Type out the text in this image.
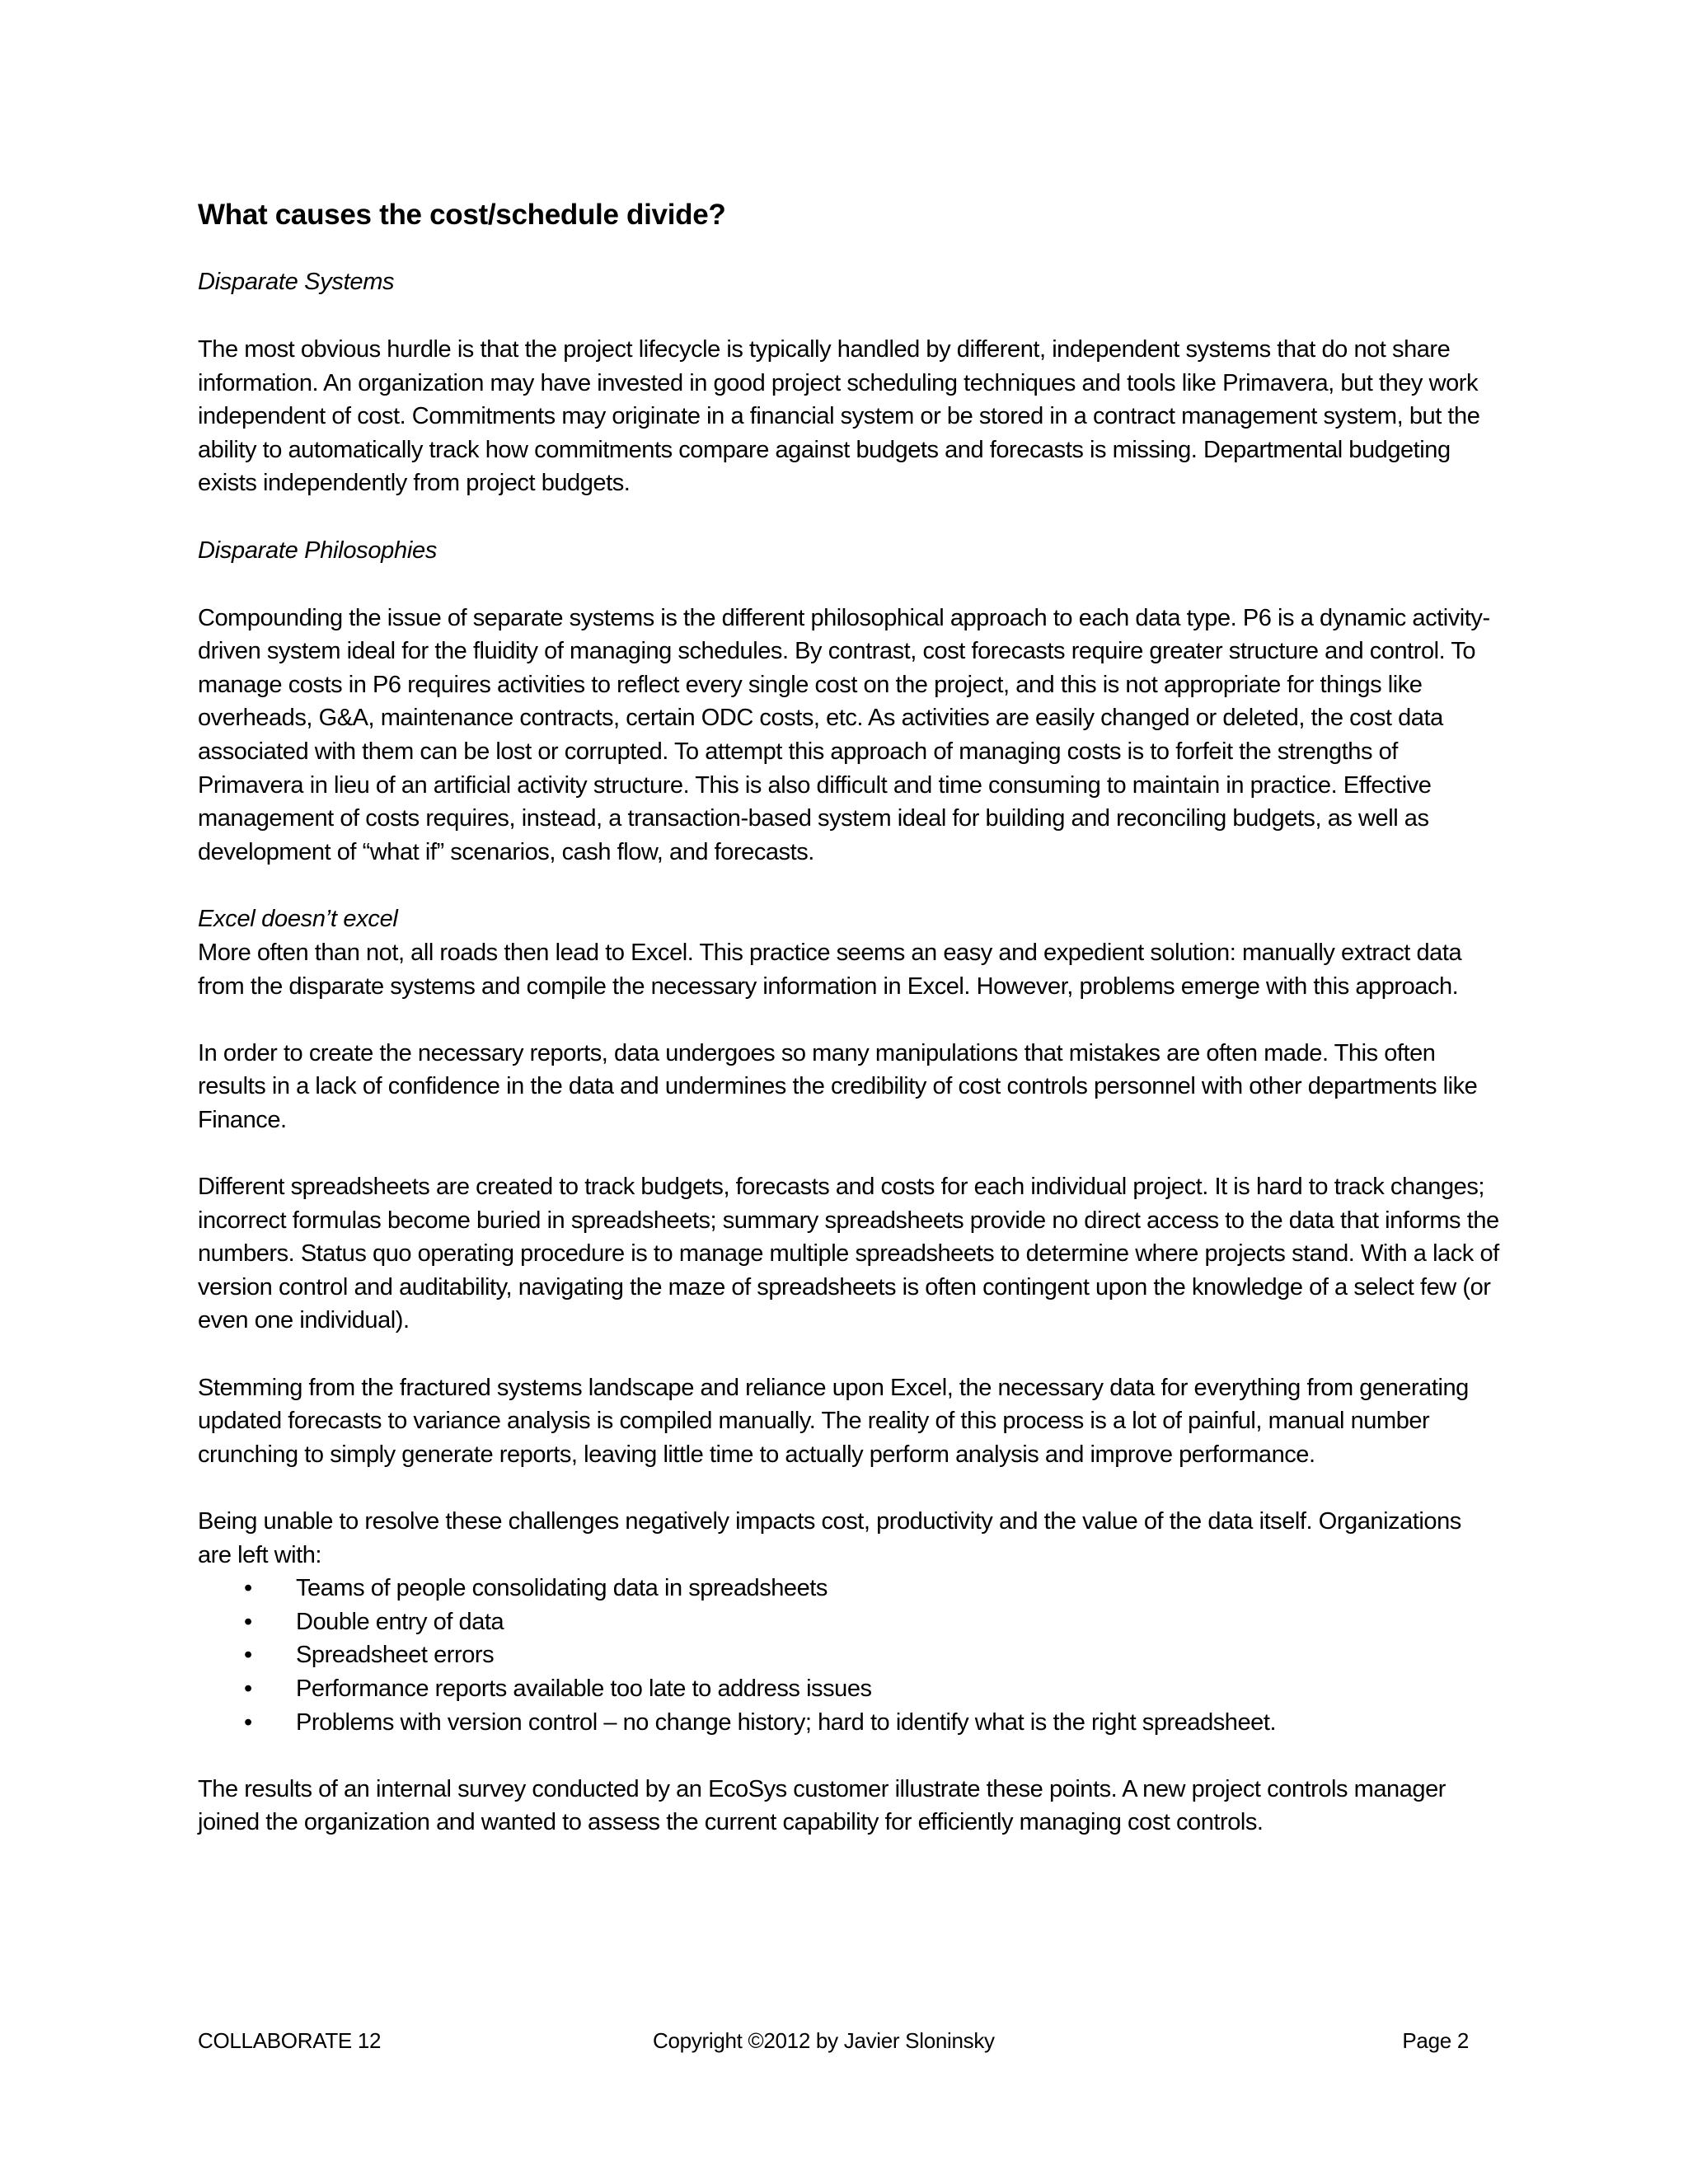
What causes the cost/schedule divide?
Disparate Systems

The most obvious hurdle is that the project lifecycle is typically handled by different, independent systems that do not share information. An organization may have invested in good project scheduling techniques and tools like Primavera, but they work independent of cost. Commitments may originate in a financial system or be stored in a contract management system, but the ability to automatically track how commitments compare against budgets and forecasts is missing. Departmental budgeting exists independently from project budgets.

Disparate Philosophies

Compounding the issue of separate systems is the different philosophical approach to each data type. P6 is a dynamic activity-driven system ideal for the fluidity of managing schedules. By contrast, cost forecasts require greater structure and control. To manage costs in P6 requires activities to reflect every single cost on the project, and this is not appropriate for things like overheads, G&A, maintenance contracts, certain ODC costs, etc. As activities are easily changed or deleted, the cost data associated with them can be lost or corrupted. To attempt this approach of managing costs is to forfeit the strengths of Primavera in lieu of an artificial activity structure. This is also difficult and time consuming to maintain in practice. Effective management of costs requires, instead, a transaction-based system ideal for building and reconciling budgets, as well as development of “what if” scenarios, cash flow, and forecasts.

Excel doesn’t excel

More often than not, all roads then lead to Excel. This practice seems an easy and expedient solution: manually extract data from the disparate systems and compile the necessary information in Excel. However, problems emerge with this approach.

In order to create the necessary reports, data undergoes so many manipulations that mistakes are often made. This often results in a lack of confidence in the data and undermines the credibility of cost controls personnel with other departments like Finance.

Different spreadsheets are created to track budgets, forecasts and costs for each individual project. It is hard to track changes; incorrect formulas become buried in spreadsheets; summary spreadsheets provide no direct access to the data that informs the numbers. Status quo operating procedure is to manage multiple spreadsheets to determine where projects stand. With a lack of version control and auditability, navigating the maze of spreadsheets is often contingent upon the knowledge of a select few (or even one individual).

Stemming from the fractured systems landscape and reliance upon Excel, the necessary data for everything from generating updated forecasts to variance analysis is compiled manually. The reality of this process is a lot of painful, manual number crunching to simply generate reports, leaving little time to actually perform analysis and improve performance.

Being unable to resolve these challenges negatively impacts cost, productivity and the value of the data itself. Organizations are left with:

• Teams of people consolidating data in spreadsheets
• Double entry of data
• Spreadsheet errors
• Performance reports available too late to address issues
• Problems with version control – no change history; hard to identify what is the right spreadsheet.

The results of an internal survey conducted by an EcoSys customer illustrate these points. A new project controls manager joined the organization and wanted to assess the current capability for efficiently managing cost controls.

COLLABORATE 12	Copyright ©2012 by Javier Sloninsky	Page 2
